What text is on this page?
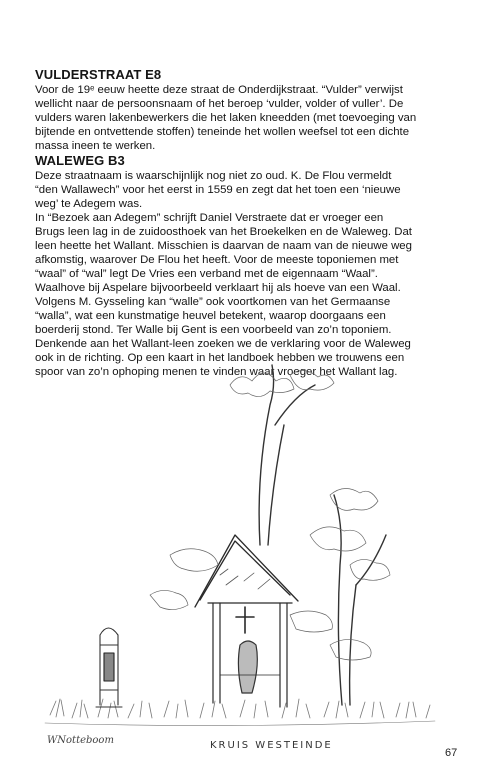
VULDERSTRAAT E8

Voor de 19ᵉ eeuw heette deze straat de Onderdijkstraat. “Vulder” verwijst
wellicht naar de persoonsnaam of het beroep ‘vulder, volder of vuller’. De
vulders waren lakenbewerkers die het laken kneedden (met toevoeging van
bijtende en ontvettende stoffen) teneinde het wollen weefsel tot een dichte
massa ineen te werken.

WALEWEG B3

Deze straatnaam is waarschijnlijk nog niet zo oud. K. De Flou vermeldt
“den Wallawech” voor het eerst in 1559 en zegt dat het toen een ‘nieuwe
weg’ te Adegem was.

In “Bezoek aan Adegem” schrijft Daniel Verstraete dat er vroeger een
Brugs leen lag in de zuidoosthoek van het Broekelken en de Waleweg. Dat
leen heette het Wallant. Misschien is daarvan de naam van de nieuwe weg
afkomstig, waarover De Flou het heeft. Voor de meeste toponiemen met
“waal” of “wal” legt De Vries een verband met de eigennaam “Waal”.
Waalhove bij Aspelare bijvoorbeeld verklaart hij als hoeve van een Waal.
Volgens M. Gysseling kan “walle” ook voortkomen van het Germaanse
“walla”, wat een kunstmatige heuvel betekent, waarop doorgaans een
boerderij stond. Ter Walle bij Gent is een voorbeeld van zo’n toponiem.
Denkende aan het Wallant-leen zoeken we de verklaring voor de Waleweg
ook in de richting. Op een kaart in het landboek hebben we trouwens een
spoor van zo’n ophoping menen te vinden waar vroeger het Wallant lag.

WNotteboom	KRUIS WESTEINDE
67
